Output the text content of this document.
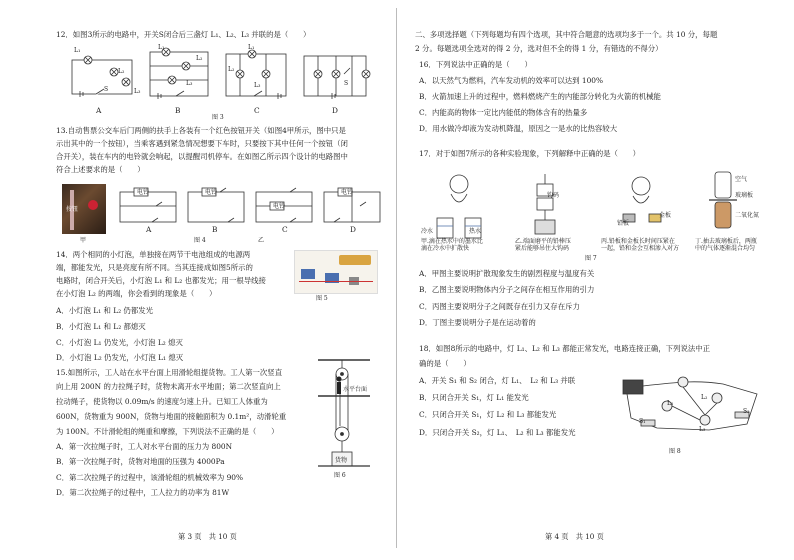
12．如图3所示的电路中，开关S闭合后三盏灯 L₁、L₂、L₃ 并联的是（　　）
L₁
L₂
L₃
S
L₁
L₂
L₃
L₁
L₂
L₃	S
A	B	C	D
图 3
13.自动售票公交车后门两侧的扶手上各装有一个红色按钮开关（如图4甲所示，图中只是
示出其中的一个按钮），当乘客遇到紧急情况想要下车时，只要按下其中任何一个按钮（闭
合开关），装在车内的电铃就会响起，以提醒司机停车。在如图乙所示四个设计的电路图中
符合上述要求的是（　　）
按钮
甲
电铃	电铃
电铃
电铃
A	B	C	D
图 4	乙
14．两个相同的小灯泡，单独接在两节干电池组成的电源两
端，都能发光，只是亮度有所不同。当其连接成如图5所示的
电路时，闭合开关后，小灯泡 L₁ 和 L₂ 也都发光；用一根导线接
在小灯泡 L₂ 的两端，你会看到的现象是（　　）
图 5
A．小灯泡 L₁ 和 L₂ 仍都发光
B．小灯泡 L₁ 和 L₂ 都熄灭
C．小灯泡 L₁ 仍发光，小灯泡 L₂ 熄灭
D．小灯泡 L₂ 仍发光，小灯泡 L₁ 熄灭
15.如图所示，工人站在水平台面上用滑轮组提货物。工人第一次竖直
向上用 200N 的力拉绳子时，货物未离开水平地面；第二次竖直向上
拉动绳子，使货物以 0.09m/s 的速度匀速上升。已知工人体重为
600N，货物重为 900N，货物与地面的接触面积为 0.1m²，动滑轮重
为 100N。不计滑轮组的绳重和摩擦，下列说法不正确的是（　　）
A．第一次拉绳子时，工人对水平台面的压力为 800N
B．第一次拉绳子时，货物对地面的压强为 4000Pa
C．第二次拉绳子的过程中，该滑轮组的机械效率为 90%
D．第二次拉绳子的过程中，工人拉力的功率为 81W
水平台面
货物
图 6
第 3 页　共 10 页
二、多项选择题（下列每题均有四个选项，其中符合题意的选项均多于一个。共 10 分，每题
2 分。每题选项全选对的得 2 分，选对但不全的得 1 分，有错选的不得分）
16．下列说法中正确的是（　　）
A．以天然气为燃料，汽车发动机的效率可以达到 100%
B．火箭加速上升的过程中，燃料燃烧产生的内能部分转化为火箭的机械能
C．内能高的物体一定比内能低的物体含有的热量多
D．用水做冷却液为发动机降温，原因之一是水的比热容较大
17．对于如图7所示的各种实验现象，下列解释中正确的是（　　）
冷水	热水
钩码
铅板
金板
空气
玻璃板
二氧化氮
甲.滴在热水中的墨水比
滴在冷水中扩散快
乙.端面磨平的铅棒压
紧后能够吊住大钩码
丙.铅板和金板长时间压紧在
一起，铅和金会互相渗入对方
丁.抽去玻璃板后，两瓶
中的气体逐渐混合均匀
图 7
A．甲图主要说明扩散现象发生的剧烈程度与温度有关
B．乙图主要说明物体内分子之间存在相互作用的引力
C．丙图主要说明分子之间既存在引力又存在斥力
D．丁图主要说明分子是在运动着的
18．如图8所示的电路中，灯 L₁、L₂ 和 L₃ 都能正常发光，电路连接正确，下列说法中正
确的是（　　）
A．开关 S₁ 和 S₂ 闭合，灯 L₁、　L₂ 和 L₃ 并联
B．只闭合开关 S₁，灯 L₁ 能发光
C．只闭合开关 S₁，灯 L₂ 和 L₃ 都能发光
D．只闭合开关 S₂，灯 L₁、　L₂ 和 L₃ 都能发光
S₁
S₂
L₁
L₂
L₃
图 8
第 4 页　共 10 页
